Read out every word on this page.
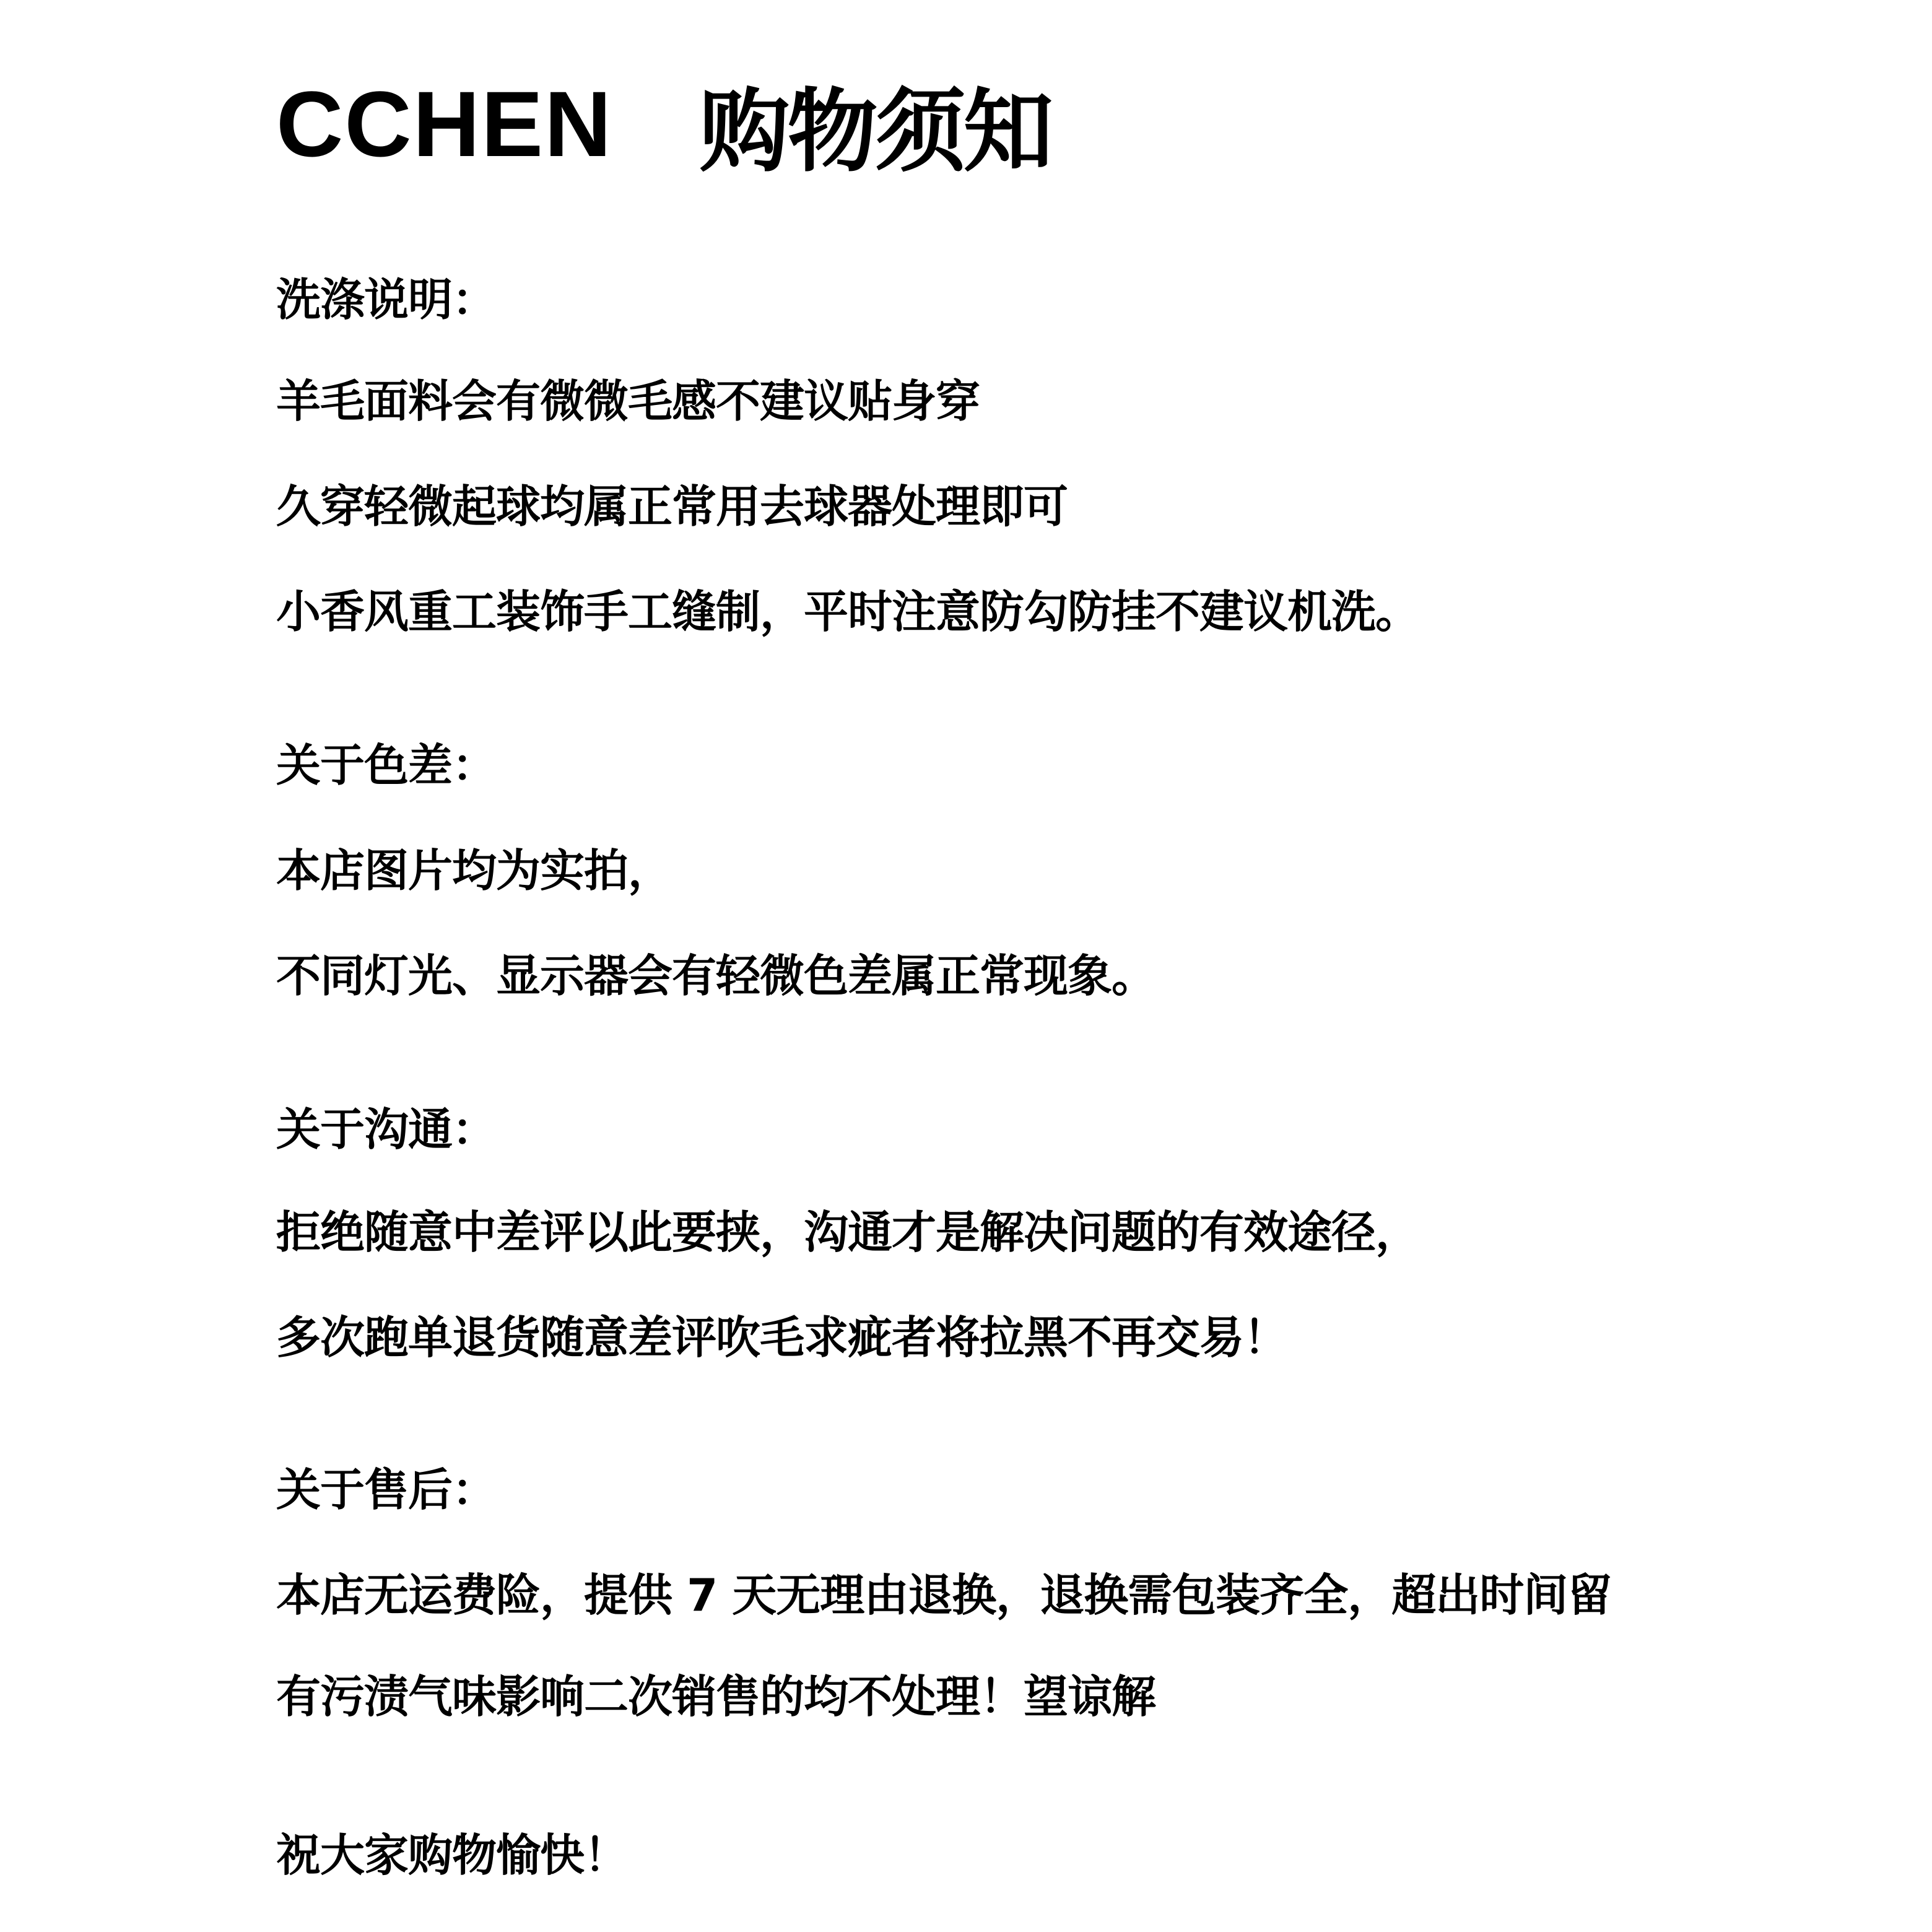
CCHEN 购物须知
洗涤说明：
羊毛面料会有微微毛感不建议贴身穿
久穿轻微起球均属正常用去球器处理即可
小香风重工装饰手工缝制，平时注意防勾防挂不建议机洗。
关于色差：
本店图片均为实拍，
不同灯光、显示器会有轻微色差属正常现象。
关于沟通：
拒绝随意中差评以此要挟，沟通才是解决问题的有效途径，
多次跑单退货随意差评吹毛求疵者将拉黑不再交易！
关于售后：
本店无运费险，提供 7 天无理由退换，退换需包装齐全，超出时间留
有污渍气味影响二次销售的均不处理！望谅解
祝大家购物愉快！
